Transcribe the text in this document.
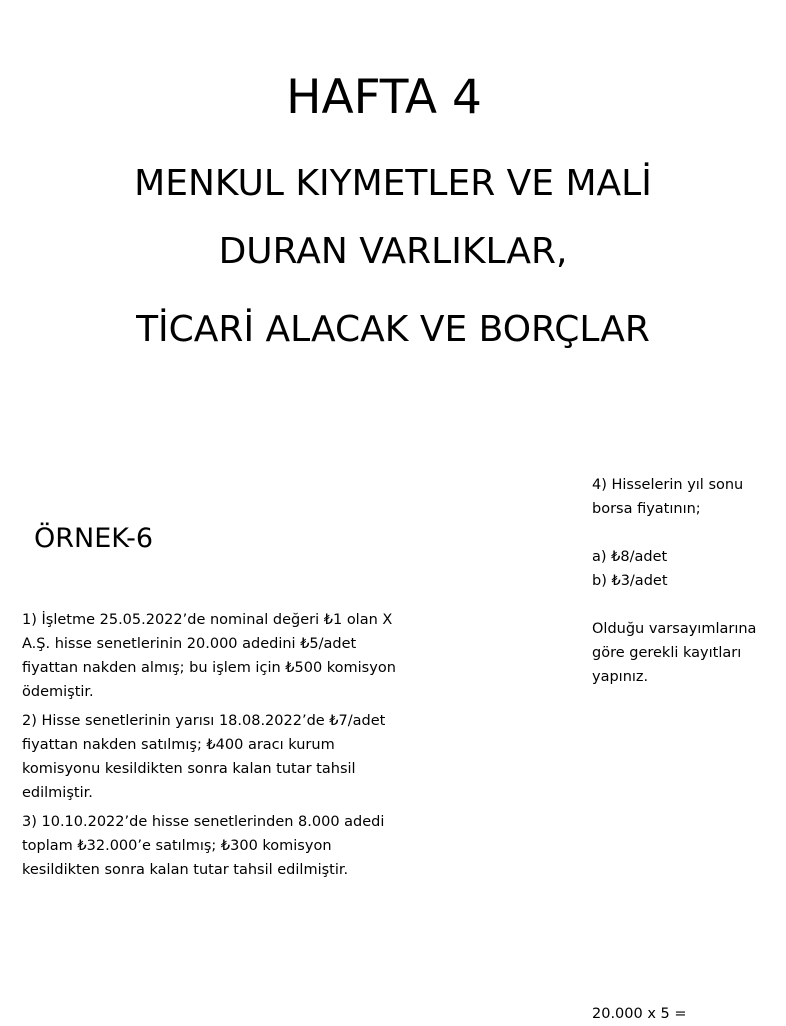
HAFTA 4
MENKUL KIYMETLER VE MALİ
DURAN VARLIKLAR,
TİCARİ ALACAK VE BORÇLAR
ÖRNEK-6

1) İşletme 25.05.2022’de nominal değeri ₺1 olan X A.Ş. hisse senetlerinin 20.000 adedini ₺5/adet fiyattan nakden almış; bu işlem için ₺500 komisyon ödemiştir.

2) Hisse senetlerinin yarısı 18.08.2022’de ₺7/adet fiyattan nakden satılmış; ₺400 aracı kurum komisyonu kesildikten sonra kalan tutar tahsil edilmiştir.

3) 10.10.2022’de hisse senetlerinden 8.000 adedi toplam ₺32.000’e satılmış; ₺300 komisyon kesildikten sonra kalan tutar tahsil edilmiştir.

4) Hisselerin yıl sonu borsa fiyatının;

a) ₺8/adet

b) ₺3/adet

Olduğu varsayımlarına göre gerekli kayıtları yapınız.

20.000 x 5 =
